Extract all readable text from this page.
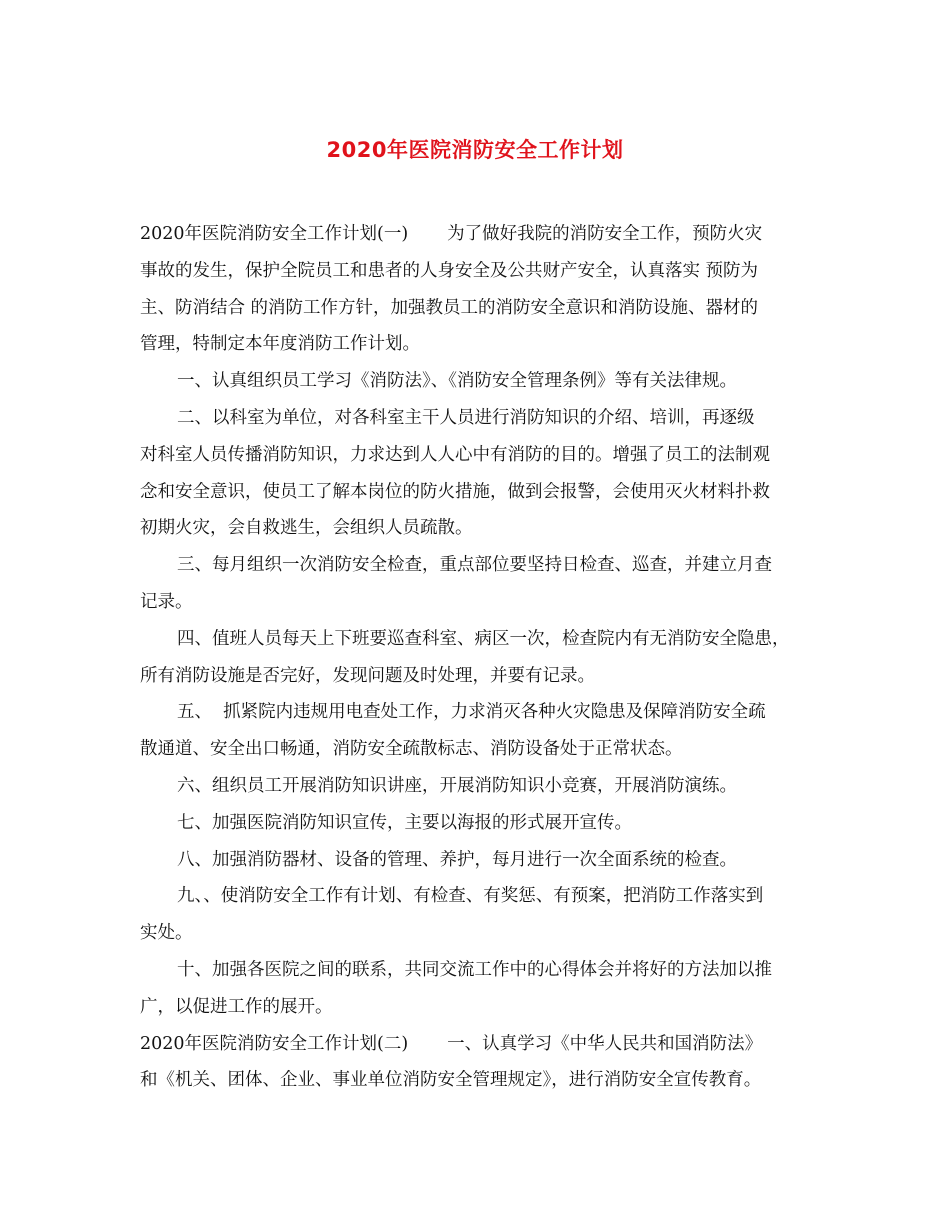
2020年医院消防安全工作计划

2020年医院消防安全工作计划(一)       为了做好我院的消防安全工作，预防火灾

事故的发生，保护全院员工和患者的人身安全及公共财产安全，认真落实 预防为

主、防消结合 的消防工作方针，加强教员工的消防安全意识和消防设施、器材的

管理，特制定本年度消防工作计划。

一、认真组织员工学习《消防法》、《消防安全管理条例》等有关法律规。

二、以科室为单位，对各科室主干人员进行消防知识的介绍、培训，再逐级

对科室人员传播消防知识，力求达到人人心中有消防的目的。增强了员工的法制观

念和安全意识，使员工了解本岗位的防火措施，做到会报警，会使用灭火材料扑救

初期火灾，会自救逃生，会组织人员疏散。

三、每月组织一次消防安全检查，重点部位要坚持日检查、巡查，并建立月查

记录。

四、值班人员每天上下班要巡查科室、病区一次，检查院内有无消防安全隐患，

所有消防设施是否完好，发现问题及时处理，并要有记录。

五、  抓紧院内违规用电查处工作，力求消灭各种火灾隐患及保障消防安全疏

散通道、安全出口畅通，消防安全疏散标志、消防设备处于正常状态。

六、组织员工开展消防知识讲座，开展消防知识小竞赛，开展消防演练。

七、加强医院消防知识宣传，主要以海报的形式展开宣传。

八、加强消防器材、设备的管理、养护，每月进行一次全面系统的检查。

九、、使消防安全工作有计划、有检查、有奖惩、有预案，把消防工作落实到

实处。

十、加强各医院之间的联系，共同交流工作中的心得体会并将好的方法加以推

广，以促进工作的展开。

2020年医院消防安全工作计划(二)       一、认真学习《中华人民共和国消防法》

和《机关、团体、企业、事业单位消防安全管理规定》，进行消防安全宣传教育。
